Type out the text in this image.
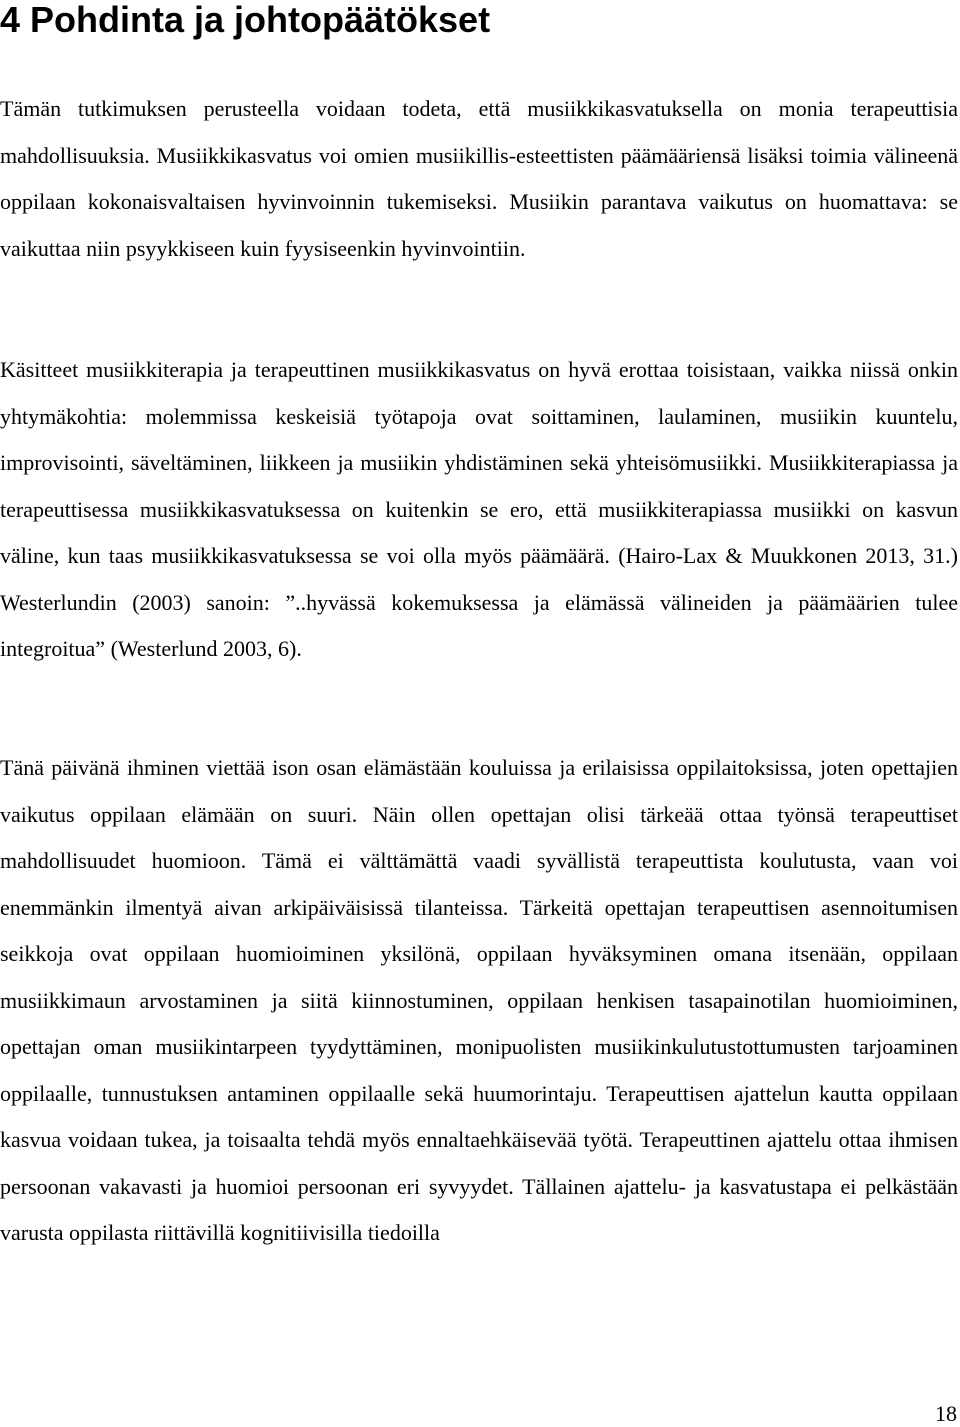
4 Pohdinta ja johtopäätökset

Tämän tutkimuksen perusteella voidaan todeta, että musiikkikasvatuksella on monia terapeuttisia mahdollisuuksia. Musiikkikasvatus voi omien musiikillis-esteettisten päämääriensä lisäksi toimia välineenä oppilaan kokonaisvaltaisen hyvinvoinnin tukemiseksi. Musiikin parantava vaikutus on huomattava: se vaikuttaa niin psyykkiseen kuin fyysiseenkin hyvinvointiin.

Käsitteet musiikkiterapia ja terapeuttinen musiikkikasvatus on hyvä erottaa toisistaan, vaikka niissä onkin yhtymäkohtia: molemmissa keskeisiä työtapoja ovat soittaminen, laulaminen, musiikin kuuntelu, improvisointi, säveltäminen, liikkeen ja musiikin yhdistäminen sekä yhteisömusiikki. Musiikkiterapiassa ja terapeuttisessa musiikkikasvatuksessa on kuitenkin se ero, että musiikkiterapiassa musiikki on kasvun väline, kun taas musiikkikasvatuksessa se voi olla myös päämäärä. (Hairo-Lax & Muukkonen 2013, 31.) Westerlundin (2003) sanoin: ”..hyvässä kokemuksessa ja elämässä välineiden ja päämäärien tulee integroitua” (Westerlund 2003, 6).

Tänä päivänä ihminen viettää ison osan elämästään kouluissa ja erilaisissa oppilaitoksissa, joten opettajien vaikutus oppilaan elämään on suuri. Näin ollen opettajan olisi tärkeää ottaa työnsä terapeuttiset mahdollisuudet huomioon. Tämä ei välttämättä vaadi syvällistä terapeuttista koulutusta, vaan voi enemmänkin ilmentyä aivan arkipäiväisissä tilanteissa. Tärkeitä opettajan terapeuttisen asennoitumisen seikkoja ovat oppilaan huomioiminen yksilönä, oppilaan hyväksyminen omana itsenään, oppilaan musiikkimaun arvostaminen ja siitä kiinnostuminen, oppilaan henkisen tasapainotilan huomioiminen, opettajan oman musiikintarpeen tyydyttäminen, monipuolisten musiikinkulutustottumusten tarjoaminen oppilaalle, tunnustuksen antaminen oppilaalle sekä huumorintaju. Terapeuttisen ajattelun kautta oppilaan kasvua voidaan tukea, ja toisaalta tehdä myös ennaltaehkäisevää työtä. Terapeuttinen ajattelu ottaa ihmisen persoonan vakavasti ja huomioi persoonan eri syvyydet. Tällainen ajattelu- ja kasvatustapa ei pelkästään varusta oppilasta riittävillä kognitiivisilla tiedoilla

18
